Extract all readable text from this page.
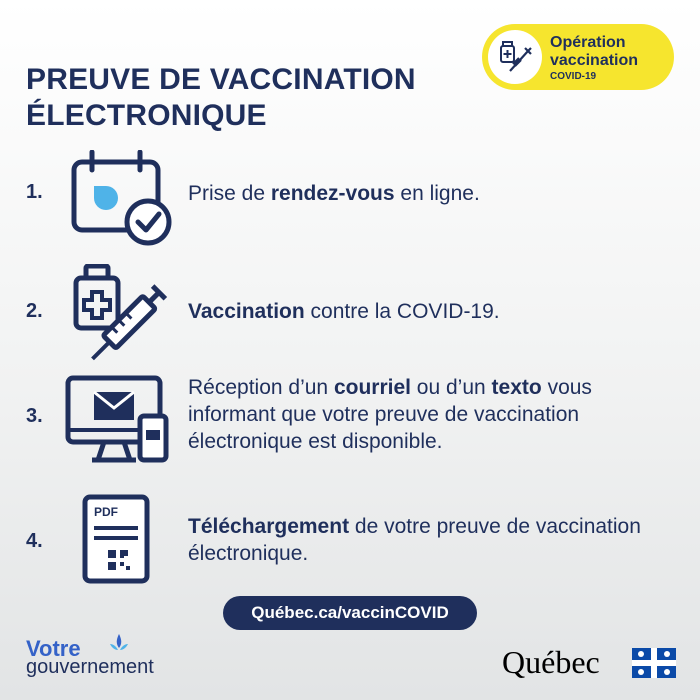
Opération
vaccination
COVID-19
PREUVE DE VACCINATION
ÉLECTRONIQUE
1.	Prise de rendez-vous en ligne.
2.	Vaccination contre la COVID-19.
3.
Réception d’un courriel ou d’un texto vous informant que votre preuve de vaccination électronique est disponible.
4.
PDF
Téléchargement de votre preuve de vaccination électronique.
Québec.ca/vaccinCOVID
Votre
gouvernement	Québec
